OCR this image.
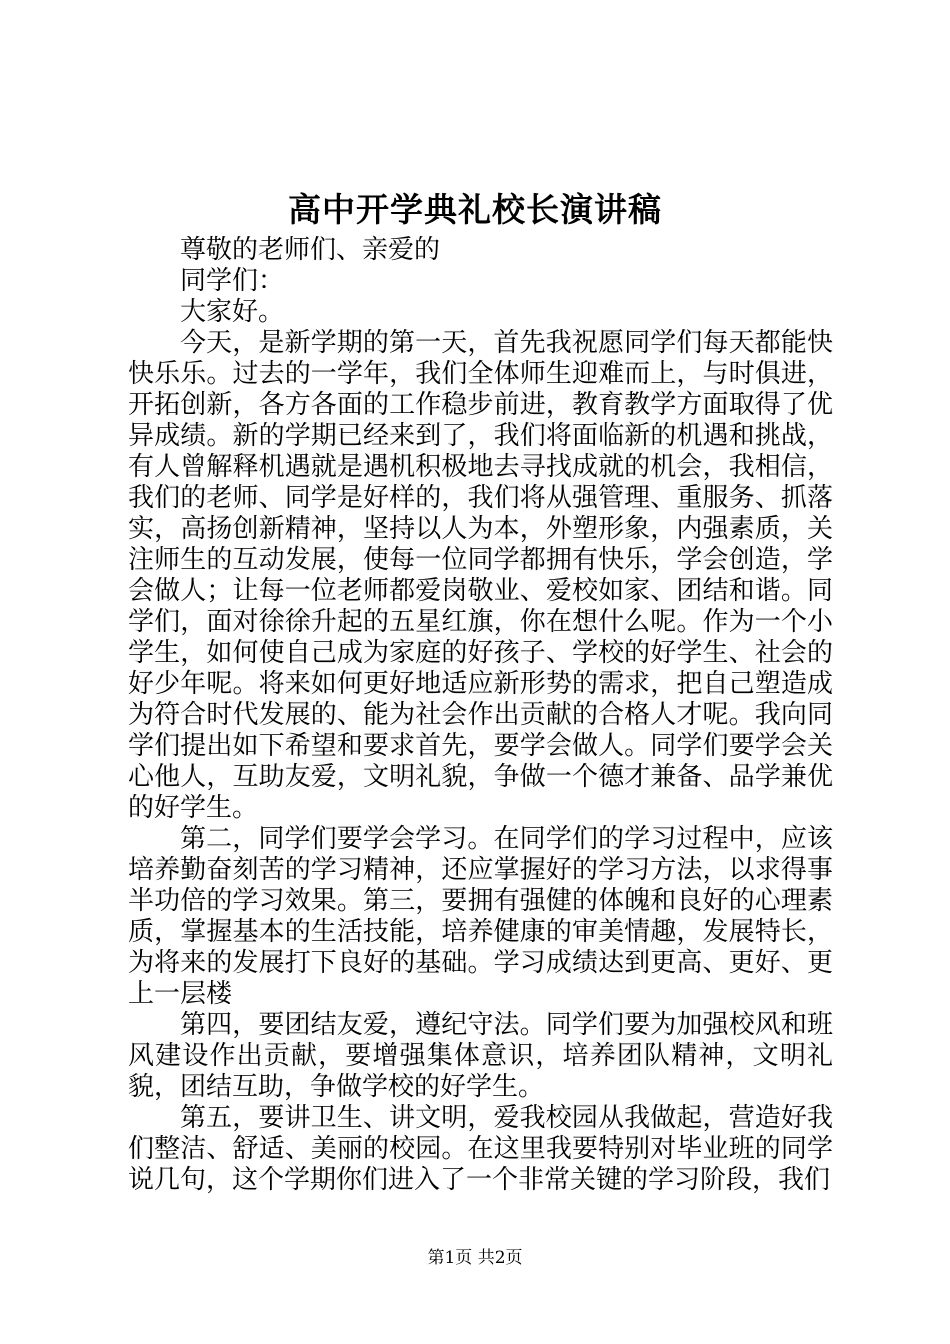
高中开学典礼校长演讲稿

尊敬的老师们、亲爱的

同学们：

大家好。

今天，是新学期的第一天，首先我祝愿同学们每天都能快快乐乐。过去的一学年，我们全体师生迎难而上，与时俱进，开拓创新，各方各面的工作稳步前进，教育教学方面取得了优异成绩。新的学期已经来到了，我们将面临新的机遇和挑战，有人曾解释机遇就是遇机积极地去寻找成就的机会，我相信，我们的老师、同学是好样的，我们将从强管理、重服务、抓落实，高扬创新精神，坚持以人为本，外塑形象，内强素质，关注师生的互动发展，使每一位同学都拥有快乐，学会创造，学会做人；让每一位老师都爱岗敬业、爱校如家、团结和谐。同学们，面对徐徐升起的五星红旗，你在想什么呢。作为一个小学生，如何使自己成为家庭的好孩子、学校的好学生、社会的好少年呢。将来如何更好地适应新形势的需求，把自己塑造成为符合时代发展的、能为社会作出贡献的合格人才呢。我向同学们提出如下希望和要求首先，要学会做人。同学们要学会关心他人，互助友爱，文明礼貌，争做一个德才兼备、品学兼优的好学生。

第二，同学们要学会学习。在同学们的学习过程中，应该培养勤奋刻苦的学习精神，还应掌握好的学习方法，以求得事半功倍的学习效果。第三，要拥有强健的体魄和良好的心理素质，掌握基本的生活技能，培养健康的审美情趣，发展特长，为将来的发展打下良好的基础。学习成绩达到更高、更好、更上一层楼

第四，要团结友爱，遵纪守法。同学们要为加强校风和班风建设作出贡献，要增强集体意识，培养团队精神，文明礼貌，团结互助，争做学校的好学生。

第五，要讲卫生、讲文明，爱我校园从我做起，营造好我们整洁、舒适、美丽的校园。在这里我要特别对毕业班的同学说几句，这个学期你们进入了一个非常关键的学习阶段，我们

第1页 共2页
